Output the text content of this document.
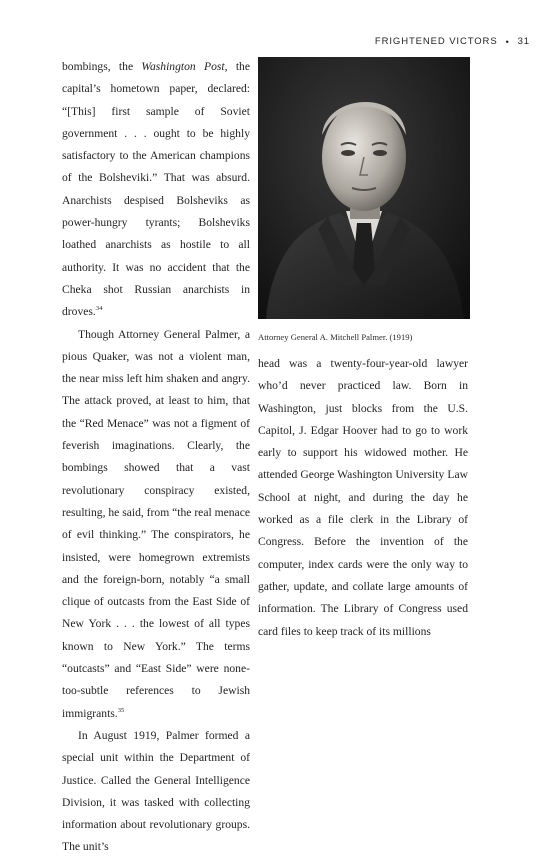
FRIGHTENED VICTORS • 31

bombings, the Washington Post, the capital’s hometown paper, declared: “[This] first sample of Soviet government . . . ought to be highly satisfactory to the American champions of the Bolsheviki.” That was absurd. Anarchists despised Bolsheviks as power-hungry tyrants; Bolsheviks loathed anarchists as hostile to all authority. It was no accident that the Cheka shot Russian anarchists in droves.$^{34}$

Though Attorney General Palmer, a pious Quaker, was not a violent man, the near miss left him shaken and angry. The attack proved, at least to him, that the “Red Menace” was not a figment of feverish imaginations. Clearly, the bombings showed that a vast revolutionary conspiracy existed, resulting, he said, from “the real menace of evil thinking.” The conspirators, he insisted, were homegrown extremists and the foreign-born, notably “a small clique of outcasts from the East Side of New York . . . the lowest of all types known to New York.” The terms “outcasts” and “East Side” were none-too-subtle references to Jewish immigrants.$^{35}$

In August 1919, Palmer formed a special unit within the Department of Justice. Called the General Intelligence Division, it was tasked with collecting information about revolutionary groups. The unit’s

Attorney General A. Mitchell Palmer. (1919)

head was a twenty-four-year-old lawyer who’d never practiced law. Born in Washington, just blocks from the U.S. Capitol, J. Edgar Hoover had to go to work early to support his widowed mother. He attended George Washington University Law School at night, and during the day he worked as a file clerk in the Library of Congress. Before the invention of the computer, index cards were the only way to gather, update, and collate large amounts of information. The Library of Congress used card files to keep track of its millions
